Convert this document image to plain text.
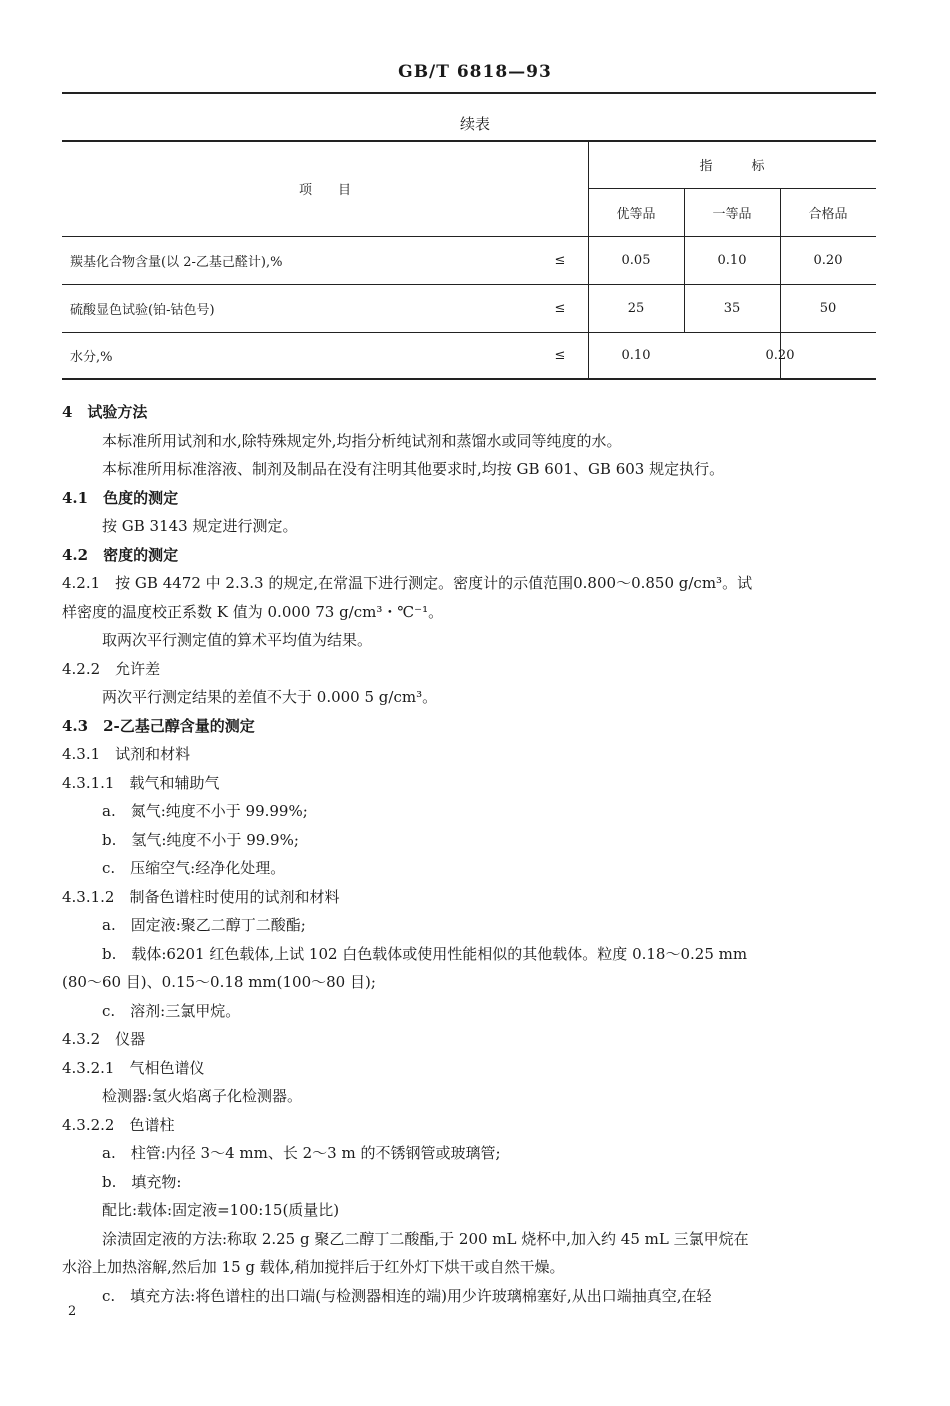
GB/T 6818—93
续表
项　　目
指　　　标
优等品	一等品	合格品
羰基化合物含量(以 2-乙基己醛计),%	≤	0.05	0.10	0.20
硫酸显色试验(铂-钴色号)	≤	25	35	50
水分,%	≤	0.10	0.20
4　试验方法
本标准所用试剂和水,除特殊规定外,均指分析纯试剂和蒸馏水或同等纯度的水。
本标准所用标准溶液、制剂及制品在没有注明其他要求时,均按 GB 601、GB 603 规定执行。
4.1　色度的测定
按 GB 3143 规定进行测定。
4.2　密度的测定
4.2.1　按 GB 4472 中 2.3.3 的规定,在常温下进行测定。密度计的示值范围0.800～0.850 g/cm³。试
样密度的温度校正系数 K 值为 0.000 73 g/cm³・℃⁻¹。
取两次平行测定值的算术平均值为结果。
4.2.2　允许差
两次平行测定结果的差值不大于 0.000 5 g/cm³。
4.3　2-乙基己醇含量的测定
4.3.1　试剂和材料
4.3.1.1　载气和辅助气
a.　氮气:纯度不小于 99.99%;
b.　氢气:纯度不小于 99.9%;
c.　压缩空气:经净化处理。
4.3.1.2　制备色谱柱时使用的试剂和材料
a.　固定液:聚乙二醇丁二酸酯;
b.　载体:6201 红色载体,上试 102 白色载体或使用性能相似的其他载体。粒度 0.18～0.25 mm
(80～60 目)、0.15～0.18 mm(100～80 目);
c.　溶剂:三氯甲烷。
4.3.2　仪器
4.3.2.1　气相色谱仪
检测器:氢火焰离子化检测器。
4.3.2.2　色谱柱
a.　柱管:内径 3～4 mm、长 2～3 m 的不锈钢管或玻璃管;
b.　填充物:
配比:载体:固定液=100:15(质量比)
涂渍固定液的方法:称取 2.25 g 聚乙二醇丁二酸酯,于 200 mL 烧杯中,加入约 45 mL 三氯甲烷在
水浴上加热溶解,然后加 15 g 载体,稍加搅拌后于红外灯下烘干或自然干燥。
c.　填充方法:将色谱柱的出口端(与检测器相连的端)用少许玻璃棉塞好,从出口端抽真空,在轻
2
